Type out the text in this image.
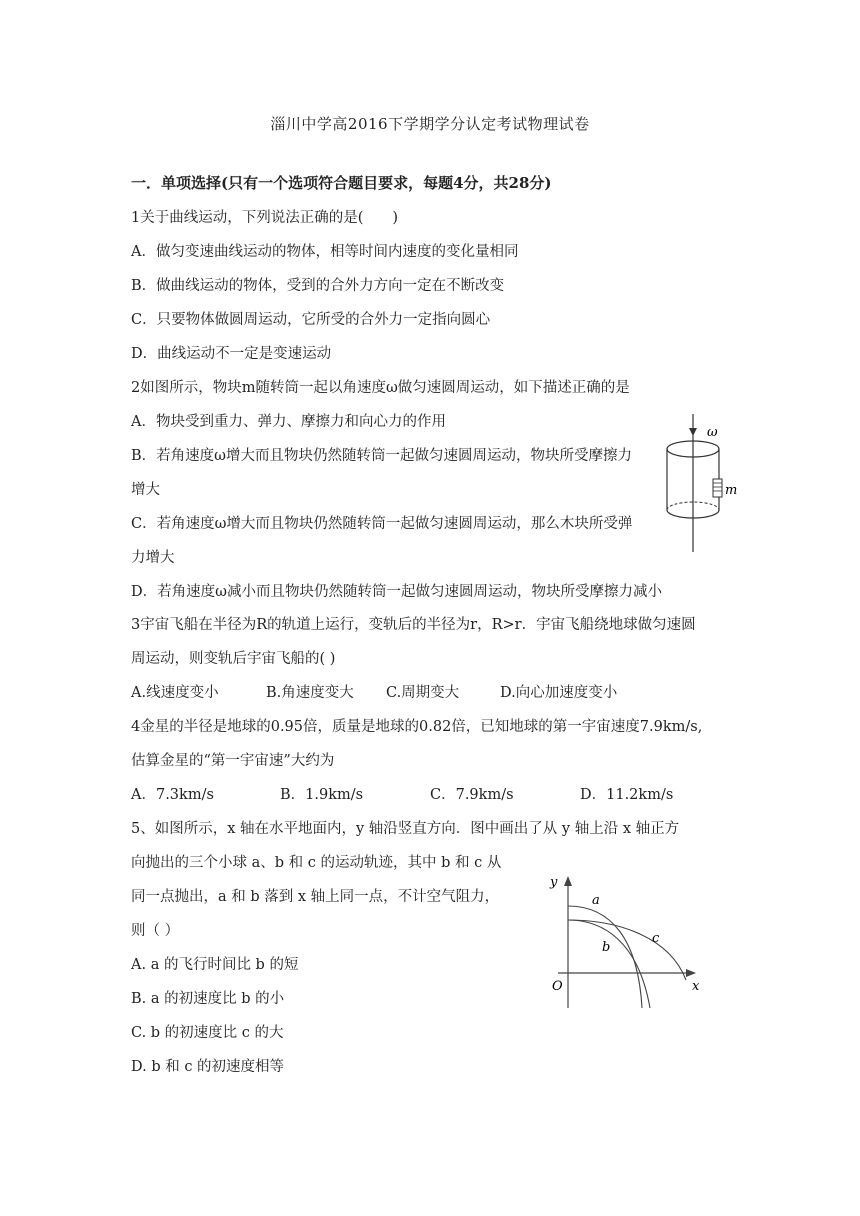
淄川中学高2016下学期学分认定考试物理试卷
一．单项选择(只有一个选项符合题目要求，每题4分，共28分)
1关于曲线运动，下列说法正确的是(　　)
A．做匀变速曲线运动的物体，相等时间内速度的变化量相同
B．做曲线运动的物体，受到的合外力方向一定在不断改变
C．只要物体做圆周运动，它所受的合外力一定指向圆心
D．曲线运动不一定是变速运动
2如图所示，物块m随转筒一起以角速度ω做匀速圆周运动，如下描述正确的是
A．物块受到重力、弹力、摩擦力和向心力的作用
B．若角速度ω增大而且物块仍然随转筒一起做匀速圆周运动，物块所受摩擦力
增大
C．若角速度ω增大而且物块仍然随转筒一起做匀速圆周运动，那么木块所受弹
力增大
D．若角速度ω减小而且物块仍然随转筒一起做匀速圆周运动，物块所受摩擦力减小
ω
m
3宇宙飞船在半径为R的轨道上运行，变轨后的半径为r，R>r．宇宙飞船绕地球做匀速圆
周运动，则变轨后宇宙飞船的( )
A.线速度变小	B.角速度变大 C.周期变大	D.向心加速度变小
4金星的半径是地球的0.95倍，质量是地球的0.82倍，已知地球的第一宇宙速度7.9km/s,
估算金星的“第一宇宙速”大约为
A．7.3km/s	B．1.9km/s	C．7.9km/s	D．11.2km/s
5、如图所示，x 轴在水平地面内，y 轴沿竖直方向．图中画出了从 y 轴上沿 x 轴正方
向抛出的三个小球 a、b 和 c 的运动轨迹，其中 b 和 c 从
同一点抛出，a 和 b 落到 x 轴上同一点，不计空气阻力，
则（ ）
A. a 的飞行时间比 b 的短
B. a 的初速度比 b 的小
C. b 的初速度比 c 的大
D. b 和 c 的初速度相等
y
x
O
a
b
c
